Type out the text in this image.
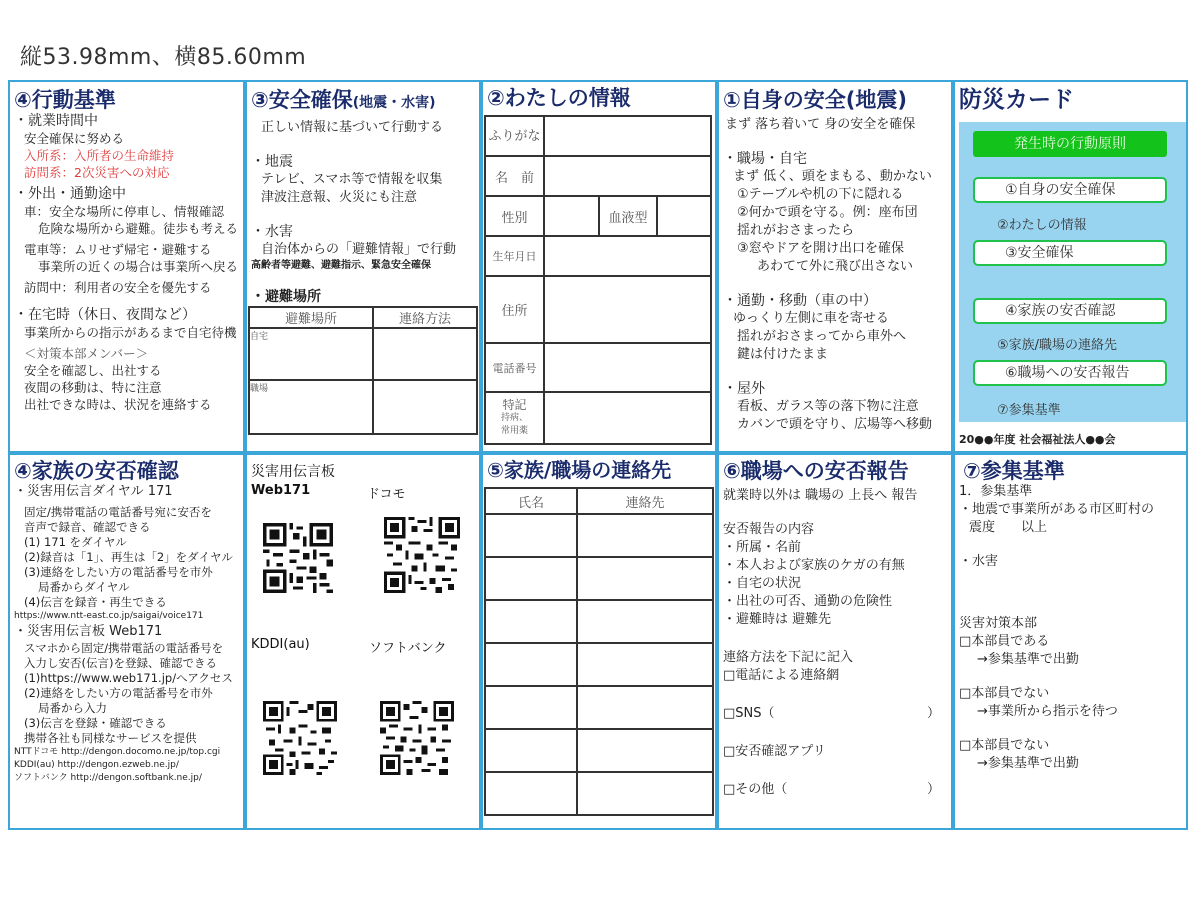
縦53.98mm、横85.60mm
④行動基準
・就業時間中
安全確保に努める
入所系：入所者の生命維持
訪問系：2次災害への対応
・外出・通勤途中
車：安全な場所に停車し、情報確認
危険な場所から避難。徒歩も考える
電車等：ムリせず帰宅・避難する
事業所の近くの場合は事業所へ戻る
訪問中：利用者の安全を優先する
・在宅時（休日、夜間など）
事業所からの指示があるまで自宅待機
＜対策本部メンバー＞
安全を確認し、出社する
夜間の移動は、特に注意
出社できな時は、状況を連絡する
③安全確保(地震・水害)
正しい情報に基づいて行動する
・地震
テレビ、スマホ等で情報を収集
津波注意報、火災にも注意
・水害
自治体からの「避難情報」で行動
高齢者等避難、避難指示、緊急安全確保
・避難場所
避難場所	連絡方法
自宅	
職場	
②わたしの情報
ふりがな			
名　前			
性別		血液型	
生年月日			
住所			
電話番号			

特記
持病、
常用薬			

①自身の安全(地震)
まず 落ち着いて 身の安全を確保
・職場・自宅
まず 低く、頭をまもる、動かない
①テーブルや机の下に隠れる
②何かで頭を守る。例：座布団
揺れがおさまったら
③窓やドアを開け出口を確保
あわてて外に飛び出さない
・通勤・移動（車の中）
ゆっくり左側に車を寄せる
揺れがおさまってから車外へ
鍵は付けたまま
・屋外
看板、ガラス等の落下物に注意
カバンで頭を守り、広場等へ移動
防災カード
発生時の行動原則
①自身の安全確保
②わたしの情報
③安全確保
④家族の安否確認
⑤家族/職場の連絡先
⑥職場への安否報告
⑦参集基準
20●●年度 社会福祉法人●●会
④家族の安否確認
・災害用伝言ダイヤル 171
固定/携帯電話の電話番号宛に安否を
音声で録音、確認できる
(1) 171 をダイヤル
(2)録音は「1」、再生は「2」をダイヤル
(3)連絡をしたい方の電話番号を市外
局番からダイヤル
(4)伝言を録音・再生できる
https://www.ntt-east.co.jp/saigai/voice171
・災害用伝言板 Web171
スマホから固定/携帯電話の電話番号を
入力し安否(伝言)を登録、確認できる
(1)https://www.web171.jp/へアクセス
(2)連絡をしたい方の電話番号を市外
局番から入力
(3)伝言を登録・確認できる
携帯各社も同様なサービスを提供
NTTドコモ http://dengon.docomo.ne.jp/top.cgi
KDDI(au) http://dengon.ezweb.ne.jp/
ソフトバンク http://dengon.softbank.ne.jp/
災害用伝言板
Web171	ドコモ
KDDI(au)	ソフトバンク
⑤家族/職場の連絡先
氏名	連絡先

⑥職場への安否報告
就業時以外は 職場の 上長へ 報告
安否報告の内容
・所属・名前
・本人および家族のケガの有無
・自宅の状況
・出社の可否、通勤の危険性
・避難時は 避難先
連絡方法を下記に記入
□電話による連絡網
□SNS（	）
□安否確認アプリ
□その他（	）
⑦参集基準
1．参集基準
・地震で事業所がある市区町村の
震度　　以上
・水害
災害対策本部
□本部員である
→参集基準で出勤
□本部員でない
→事業所から指示を待つ
□本部員でない
→参集基準で出勤
